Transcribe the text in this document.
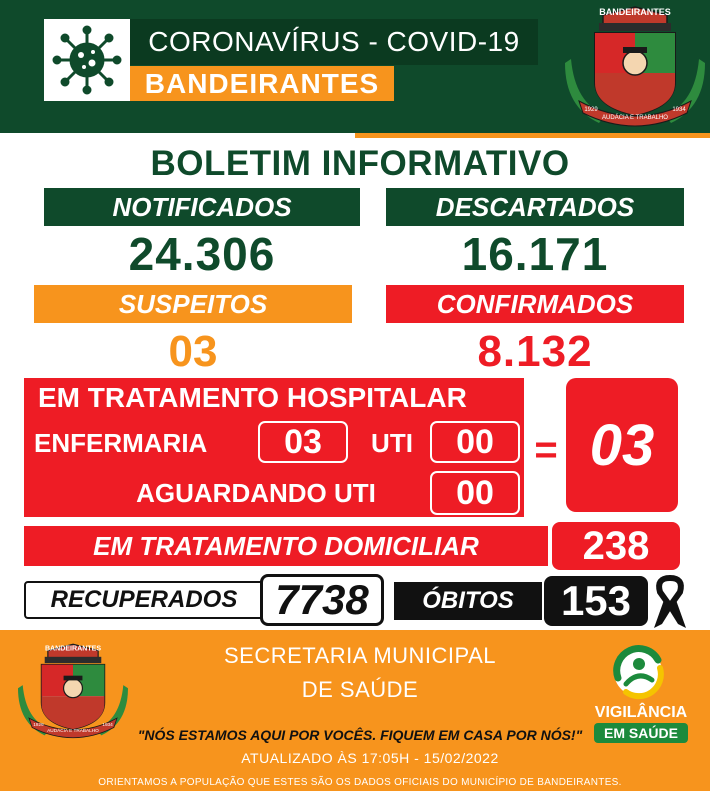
CORONAVÍRUS - COVID-19
BANDEIRANTES
BANDEIRANTES
AUDÁCIA E TRABALHO
1929	1934
BOLETIM INFORMATIVO
NOTIFICADOS	DESCARTADOS
24.306	16.171
SUSPEITOS	CONFIRMADOS
03	8.132
EM TRATAMENTO HOSPITALAR
ENFERMARIA	03	UTI	00
AGUARDANDO UTI	00
= 03
EM TRATAMENTO DOMICILIAR	238
RECUPERADOS 7738	ÓBITOS	153
BANDEIRANTES
AUDÁCIA E TRABALHO
1929	1934
SECRETARIA MUNICIPAL
DE SAÚDE
VIGILÂNCIA
EM SAÚDE
"NÓS ESTAMOS AQUI POR VOCÊS. FIQUEM EM CASA POR NÓS!"
ATUALIZADO ÀS 17:05H - 15/02/2022
ORIENTAMOS A POPULAÇÃO QUE ESTES SÃO OS DADOS OFICIAIS DO MUNICÍPIO DE BANDEIRANTES.
